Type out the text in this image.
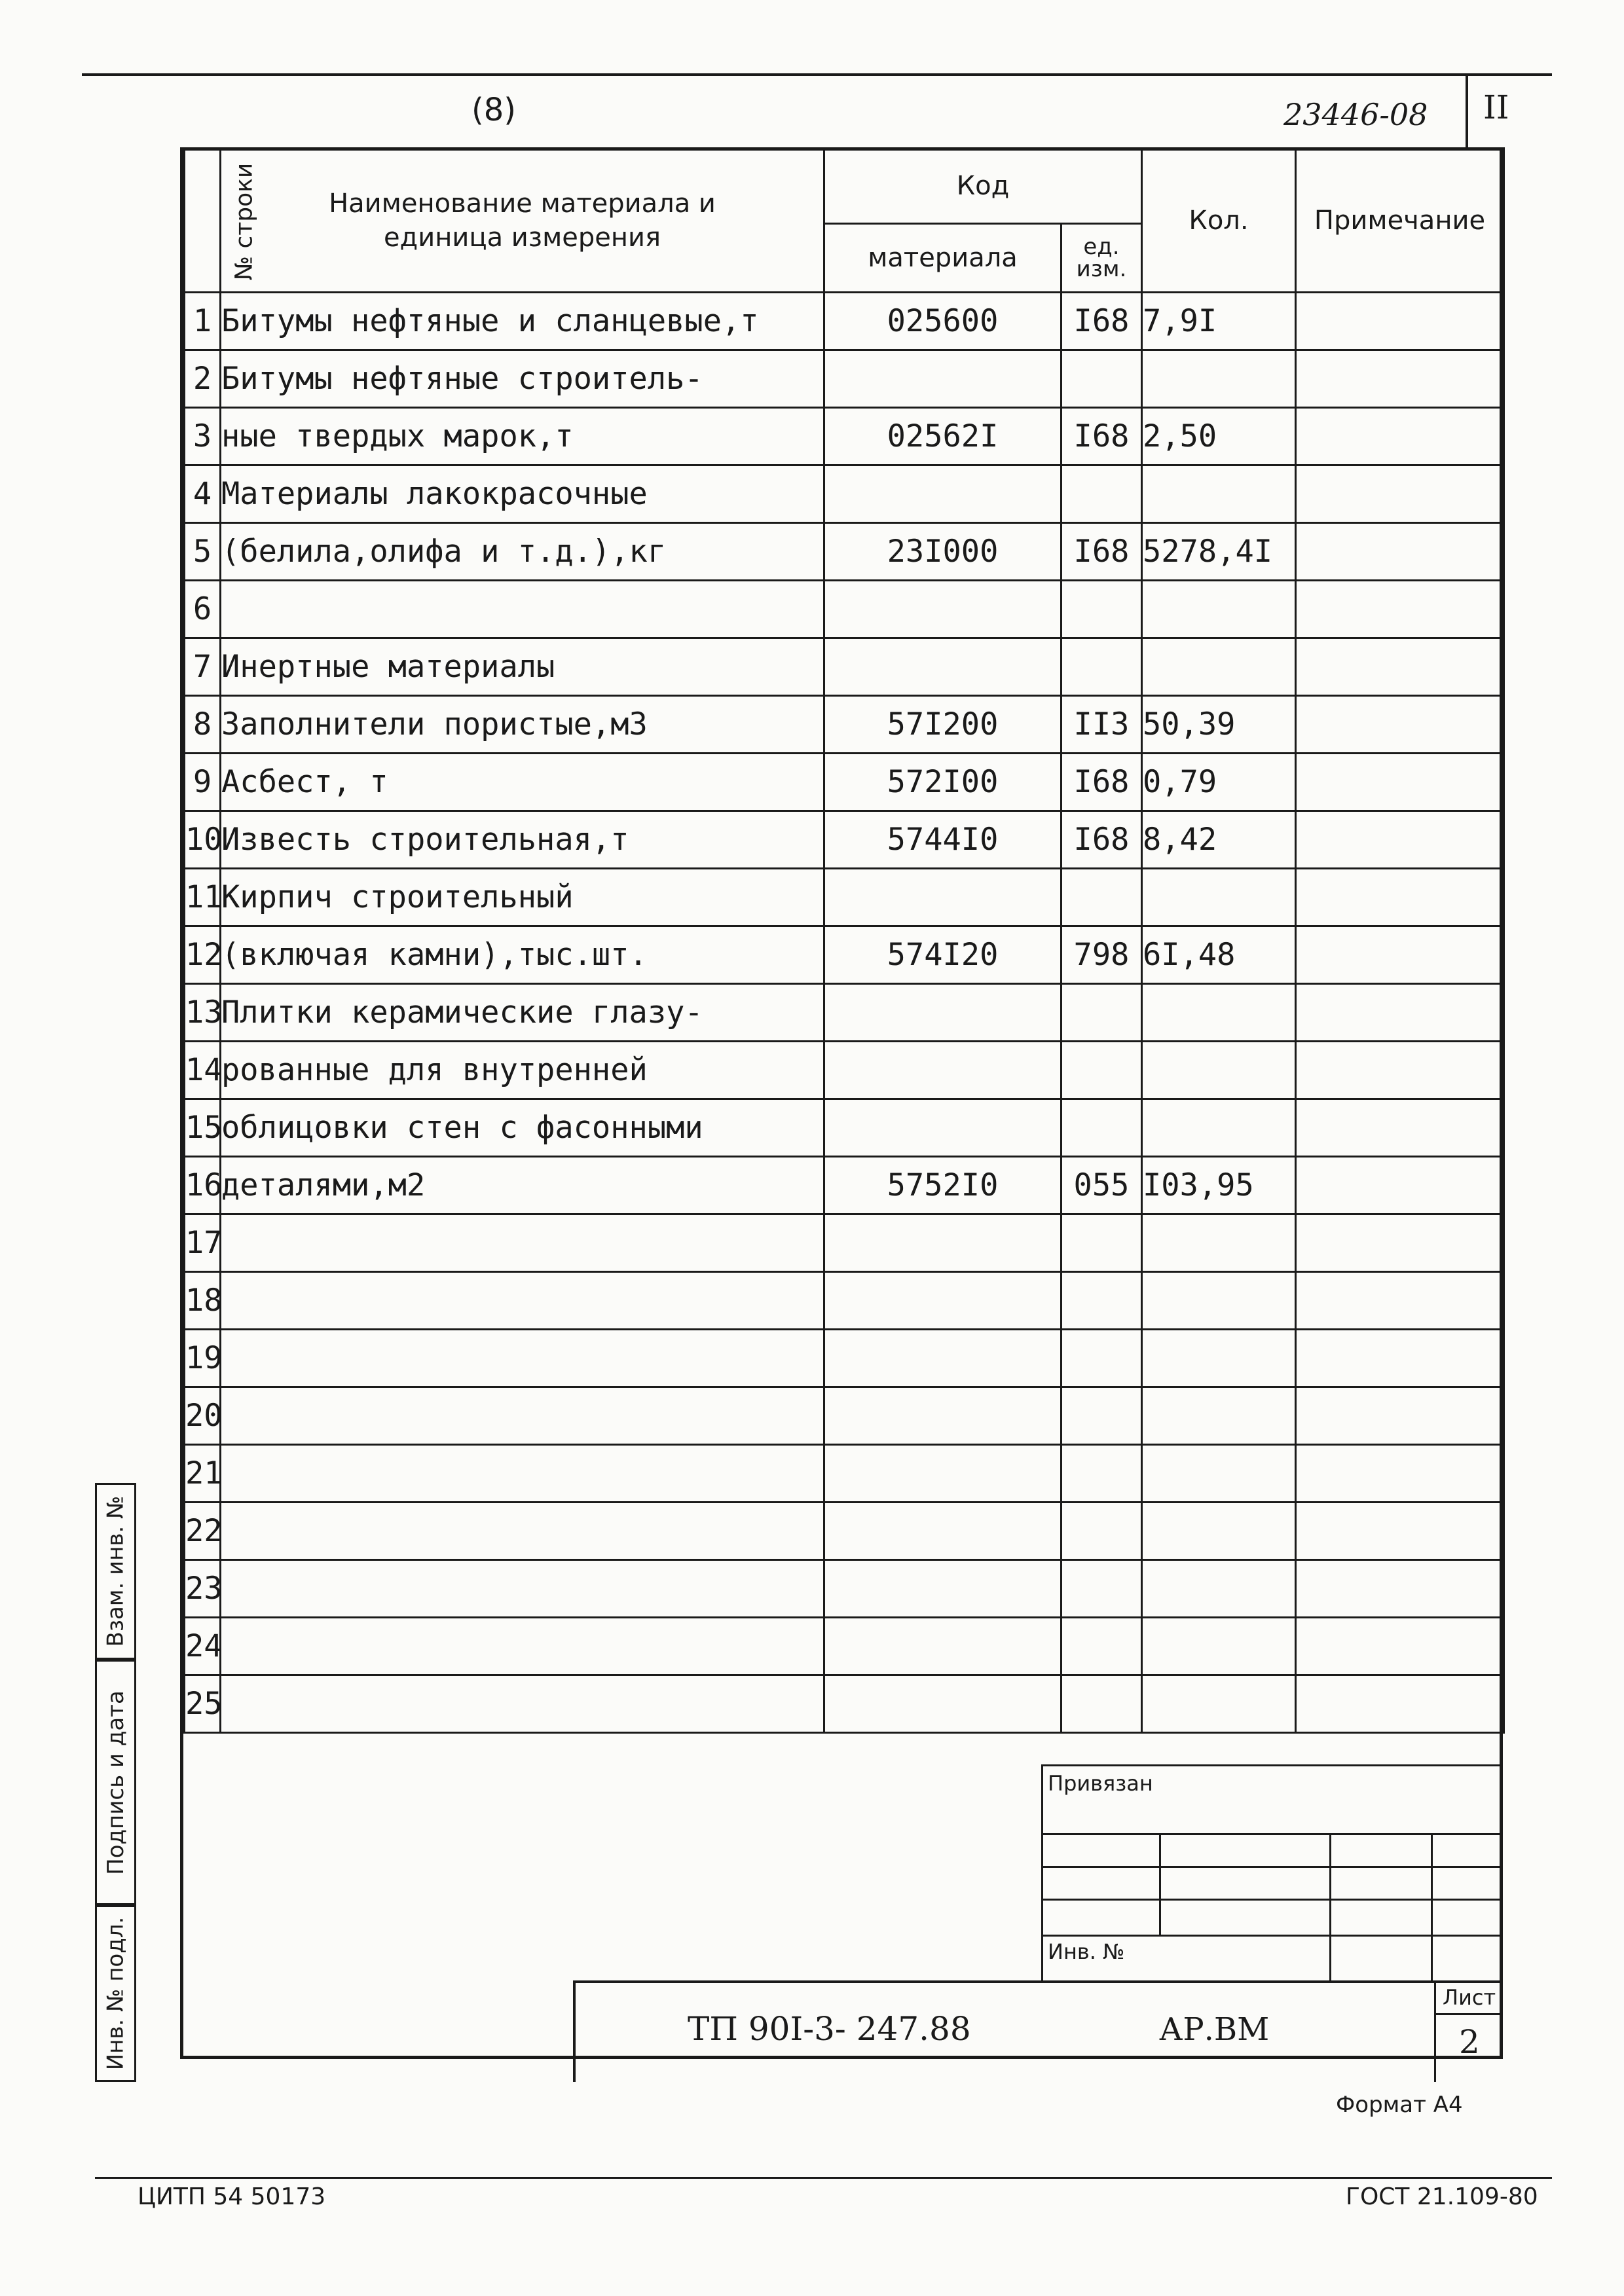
(8)	23446-08 II
№ строки	Наименование материала и единица измерения	Код		Кол.	Примечание
		материала	ед. изм.		
1	Битумы нефтяные и сланцевые,т	025600	I68	7,9I	
2	Битумы нефтяные строитель-				
3	ные твердых марок,т	02562I	I68	2,50	
4	Материалы лакокрасочные				
5	(белила,олифа и т.д.),кг	23I000	I68	5278,4I	
6					
7	Инертные материалы				
8	Заполнители пористые,м3	57I200	II3	50,39	
9	Асбест, т	572I00	I68	0,79	
10	Известь строительная,т	5744I0	I68	8,42	
11	Кирпич строительный				
12	(включая камни),тыс.шт.	574I20	798	6I,48	
13	Плитки керамические глазу-				
14	рованные для внутренней				
15	облицовки стен с фасонными				
16	деталями,м2	5752I0	055	I03,95	
17					
18					
19					
20					
21					
22					
23					
24					
25					
Взам. инв. №
Подпись и дата
Инв. № подл.
Привязан
Инв. №
ТП 90I-3- 247.88	АР.ВМ
Лист
2
Формат А4
ЦИТП 54 50173	ГОСТ 21.109-80
